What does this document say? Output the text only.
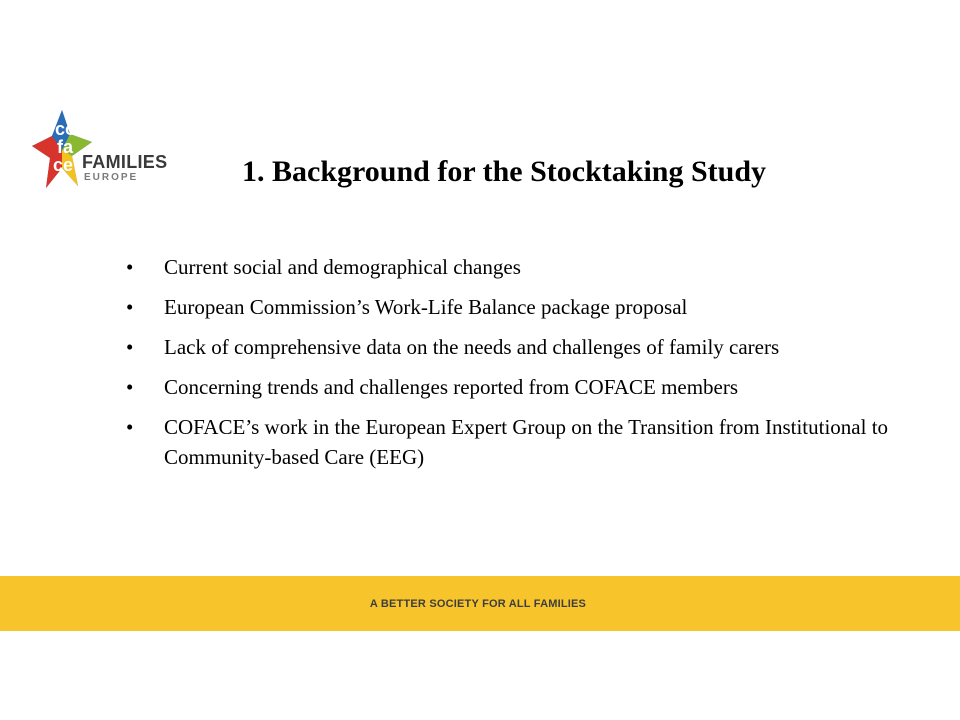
co
fa
ce FAMILIES
EUROPE	1. Background for the Stocktaking Study
• Current social and demographical changes
• European Commission’s Work-Life Balance package proposal
• Lack of comprehensive data on the needs and challenges of family carers
• Concerning trends and challenges reported from COFACE members
• COFACE’s work in the European Expert Group on the Transition from Institutional to Community-based Care (EEG)
A BETTER SOCIETY FOR ALL FAMILIES
